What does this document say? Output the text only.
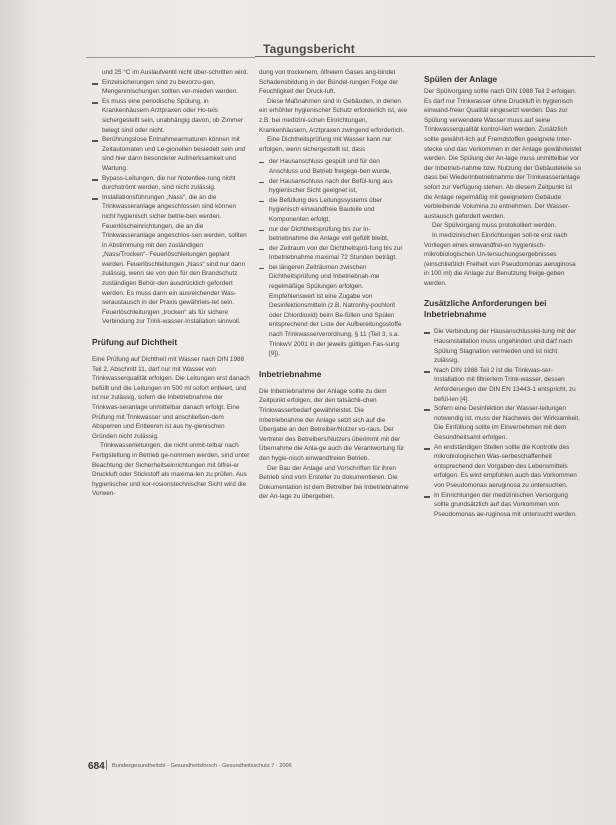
Tagungsbericht

und 25 °C im Auslaufventil nicht über-schritten wird.

Einzelsicherungen sind zu bevorzu-gen, Mengenmischungen sollten ver-mieden werden.
Es muss eine periodische Spülung, in Krankenhäusern Arztpraxen oder Ho-tels sichergestellt sein, unabhängig davon, ob Zimmer belegt sind oder nicht.
Berührungslose Entnahmearmaturen können mit Zeitautomaten und Le-gionellen besiedelt sein und sind hier dann besonderer Aufmerksamkeit und Wartung.
Bypass-Leitungen, die nur Notentlee-rung nicht durchströmt werden, sind nicht zulässig.
Installationsführungen „Nass“, die an die Trinkwasseranlage angeschlossen sind können nicht hygienisch sicher betrie-ben werden. Feuerlöscheinrichtungen, die an die Trinkwasseranlage angeschlos-sen werden, sollten in Abstimmung mit den zuständigen „Nass/Trocken“- Feuerlöschleitungen geplant werden. Feuerlöschleitungen „Nass“ sind nur dann zulässig, wenn sie von den für den Brandschutz zuständigen Behör-den ausdrücklich gefordert werden. Es muss dann ein ausreichender Was-seraustausch in der Praxis gewährleis-tet sein. Feuerlöschleitungen „trocken“ als für sichere Verbindung zur Trink-wasser-Installation sinnvoll.
Prüfung auf Dichtheit

Eine Prüfung auf Dichtheit mit Wasser nach DIN 1988 Teil 2, Abschnitt 11, darf nur mit Wasser von Trinkwasserqualität erfolgen. Die Leitungen erst danach befüllt und die Leitungen im 500 ml sofort entleert, und ist nur zulässig, sofern die Inbetriebnahme der Trinkwas-seranlage unmittelbar danach erfolgt. Eine Prüfung mit Trinkwasser und anschließen-dem Absperren und Entleeren ist aus hy-gienischen Gründen nicht zulässig.

Trinkwasserleitungen, die nicht unmit-telbar nach Fertigstellung in Betrieb ge-nommen werden, sind unter Beachtung der Sicherheitseinrichtungen mit ölfrei-er Druckluft oder Stickstoff als maxima-len zu prüfen. Aus hygienischer und kor-rosionstechnischer Sicht wird die Vorwen-

dung von trockenem, ölfreiem Gases ang-bindet Schadensbildung in der Bündel-rungen Folge der Feuchtigkeit der Druck-luft.

Diese Maßnahmen sind in Gebäuden, in denen ein erhöhter hygienischer Schutz erforderlich ist, wie z.B. bei medizini-schen Einrichtungen, Krankenhäusern, Arztpraxen zwingend erforderlich.

Eine Dichtheitsprüfung mit Wasser kann nur erfolgen, wenn sichergestellt ist, dass

der Hausanschluss gespült und für den Anschluss und Betrieb freigege-ben wurde,
der Hausanschluss nach der Befül-lung aus hygienischer Sicht geeignet ist,
die Befüllung des Leitungssystems über hygienisch einwandfreie Bauteile und Komponenten erfolgt,
nur der Dichtheitsprüfung bis zur In-betriebnahme die Anlage voll gefüllt bleibt,
der Zeitraum von der Dichtheitsprü-fung bis zur Inbetriebnahme maximal 72 Stunden beträgt.
bei längeren Zeiträumen zwischen Dichtheitsprüfung und Inbetriebnah-me regelmäßige Spülungen erfolgen. Empfehlenswert ist eine Zugabe von Desinfektionsmitteln (z.B. Natronhy-pochlorit oder Chlordioxid) beim Be-füllen und Spülen entsprechend der Liste der Aufbereitungsstoffe nach Trinkwasserverordnung, § 11 (Teil 3, s.a. TrinkwV 2001 in der jeweils gültigen Fas-sung [9]).
Inbetriebnahme

Die Inbetriebnahme der Anlage sollte zu dem Zeitpunkt erfolgen, der den tatsächli-chen Trinkwasserbedarf gewährleistet. Die Inbetriebnahme der Anlage setzt sich auf die Übergabe an den Betreiber/Nutzer vo-raus. Der Vertreter des Betreibers/Nutzers überimmt mit der Übernahme die Anla-ge auch die Verantwortung für den hygie-nisch einwandfreien Betrieb.

Der Bau der Anlage und Vorschriften für ihren Betrieb sind vom Ersteller zu dokumentieren. Die Dokumentation ist dem Betreiber bei Inbetriebnahme der An-lage zu übergeben.

Spülen der Anlage

Der Spülvorgang sollte nach DIN 1988 Teil 2 erfolgen. Es darf nur Trinkwasser ohne Druckluft in hygienisch einwand-freier Qualität eingesetzt werden. Das zur Spülung verwendete Wasser muss auf seine Trinkwasserqualität kontrol-liert werden. Zusätzlich sollte gewährt-lich auf Fremdstoffen geeignete Inter-stecke und das Verkommen in der Anlage gewährleistet werden. Die Spülung der An-lage muss unmittelbar vor der Inbetrieb-nahme bzw. Nutzung der Gebäudeteile so dass bei Wiederinbetriebnahme der Trinkwasseranlage sofort zur Verfügung stehen. Ab diesem Zeitpunkt ist die Anlage regelmäßig mit geeignetem Gebäude verbleibende Volumina zu entnehmen. Der Wasser-austausch gefordert werden.

Der Spülvorgang muss protokolliert werden.

In medizinischen Einrichtungen soll-te erst nach Vorliegen eines einwandfrei-en hygienisch-mikrobiologischen Un-tersuchungsergebnisses (einschließlich Freiheit von Pseudomonas aeruginosa in 100 ml) die Anlage zur Benutzung freige-geben werden.

Zusätzliche Anforderungen bei Inbetriebnahme
Die Verbindung der Hausanschlusslei-tung mit der Hausinstallation muss ungehindert und darf nach Spülung Stagnation vermieden und ist nicht zulässig.
Nach DIN 1988 Teil 2 ist die Trinkwas-ser-Installation mit filtriertem Trink-wasser, dessen Anforderungen der DIN EN 13443-1 entspricht, zu befül-len [4].
Sofern eine Desinfektion der Wasser-leitungen notwendig ist, muss der Nachweis der Wirksamkeit. Die Einfüllung sollte im Einvernehmen mit dem Gesundheitsamt erfolgen.
An endständigen Stellen sollte die Kontrolle des mikrobiologischen Was-serbeschaffenheit entsprechend den Vorgaben des Lebensmittels erfolgen. Es wird empfohlen auch das Vorkommen von Pseudomonas aeruginosa zu untersuchen.
In Einrichtungen der medizinischen Versorgung sollte grundsätzlich auf das Vorkommen von Pseudomonas ae-ruginosa mit untersucht werden.
684 Bundesgesundheitsbl - Gesundheitsforsch - Gesundheitsschutz 7 · 2006
